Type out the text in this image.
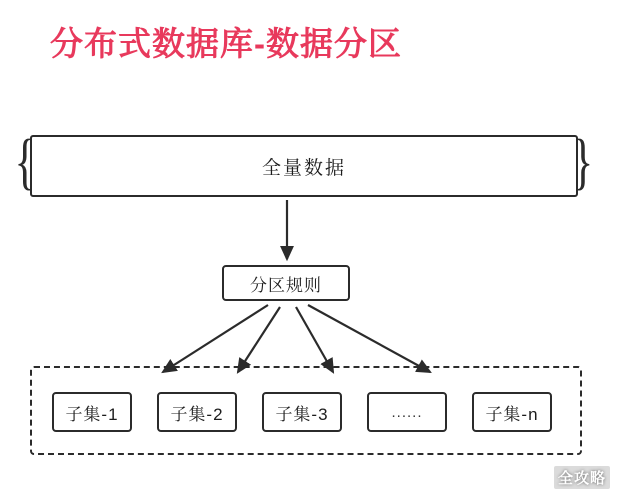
分布式数据库-数据分区
{	{
全量数据
分区规则
子集-1	子集-2	子集-3	......	子集-n
全攻略
